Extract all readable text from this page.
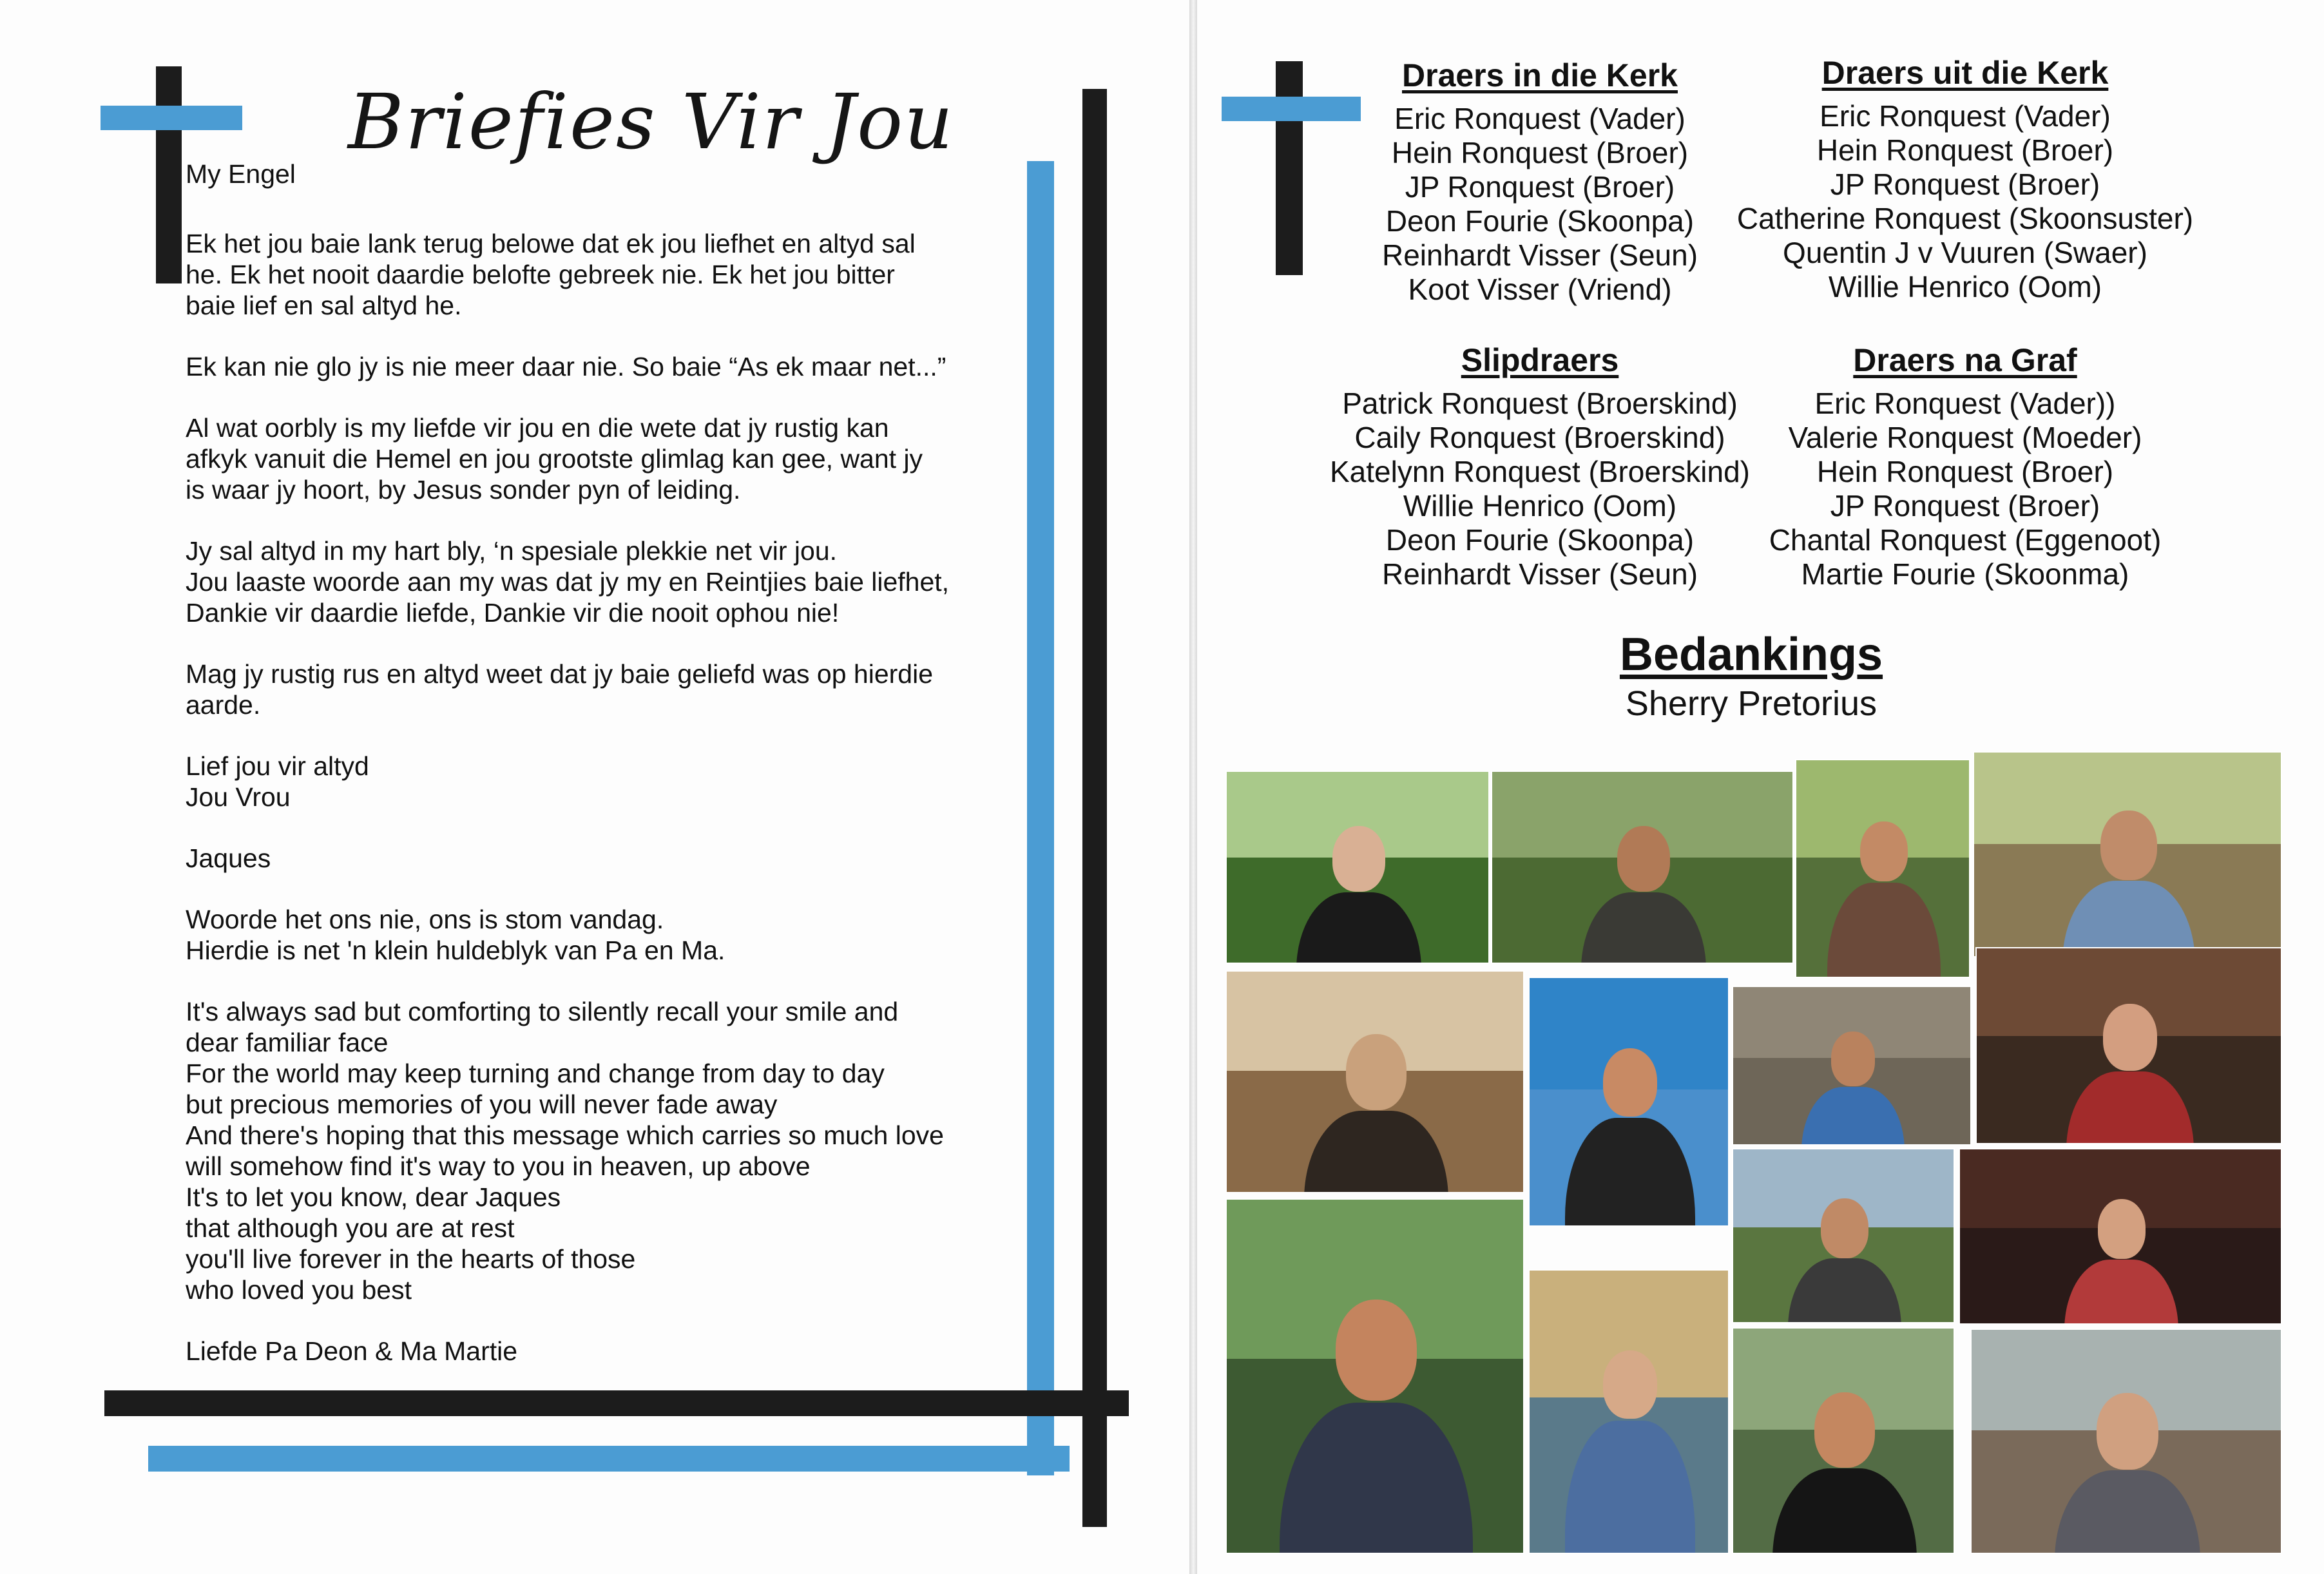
Briefies Vir Jou

My Engel

Ek het jou baie lank terug belowe dat ek jou liefhet en altyd sal
he. Ek het nooit daardie belofte gebreek nie. Ek het jou bitter
baie lief en sal altyd he.

Ek kan nie glo jy is nie meer daar nie. So baie “As ek maar net...”

Al wat oorbly is my liefde vir jou en die wete dat jy rustig kan
afkyk vanuit die Hemel en jou grootste glimlag kan gee, want jy
is waar jy hoort, by Jesus sonder pyn of leiding.

Jy sal altyd in my hart bly, ‘n spesiale plekkie net vir jou.
Jou laaste woorde aan my was dat jy my en Reintjies baie liefhet,
Dankie vir daardie liefde, Dankie vir die nooit ophou nie!

Mag jy rustig rus en altyd weet dat jy baie geliefd was op hierdie
aarde.

Lief jou vir altyd
Jou Vrou

Jaques

Woorde het ons nie, ons is stom vandag.
Hierdie is net 'n klein huldeblyk van Pa en Ma.

It's always sad but comforting to silently recall your smile and
dear familiar face
For the world may keep turning and change from day to day
but precious memories of you will never fade away
And there's hoping that this message which carries so much love
will somehow find it's way to you in heaven, up above
It's to let you know, dear Jaques
that although you are at rest
you'll live forever in the hearts of those
who loved you best

Liefde Pa Deon & Ma Martie

Draers in die Kerk
Eric Ronquest (Vader)
Hein Ronquest (Broer)
JP Ronquest (Broer)
Deon Fourie (Skoonpa)
Reinhardt Visser (Seun)
Koot Visser (Vriend)
Draers uit die Kerk
Eric Ronquest (Vader)
Hein Ronquest (Broer)
JP Ronquest (Broer)
Catherine Ronquest (Skoonsuster)
Quentin J v Vuuren (Swaer)
Willie Henrico (Oom)
Slipdraers
Patrick Ronquest (Broerskind)
Caily Ronquest (Broerskind)
Katelynn Ronquest (Broerskind)
Willie Henrico (Oom)
Deon Fourie (Skoonpa)
Reinhardt Visser (Seun)
Draers na Graf
Eric Ronquest (Vader))
Valerie Ronquest (Moeder)
Hein Ronquest (Broer)
JP Ronquest (Broer)
Chantal Ronquest (Eggenoot)
Martie Fourie (Skoonma)
Bedankings
Sherry Pretorius
